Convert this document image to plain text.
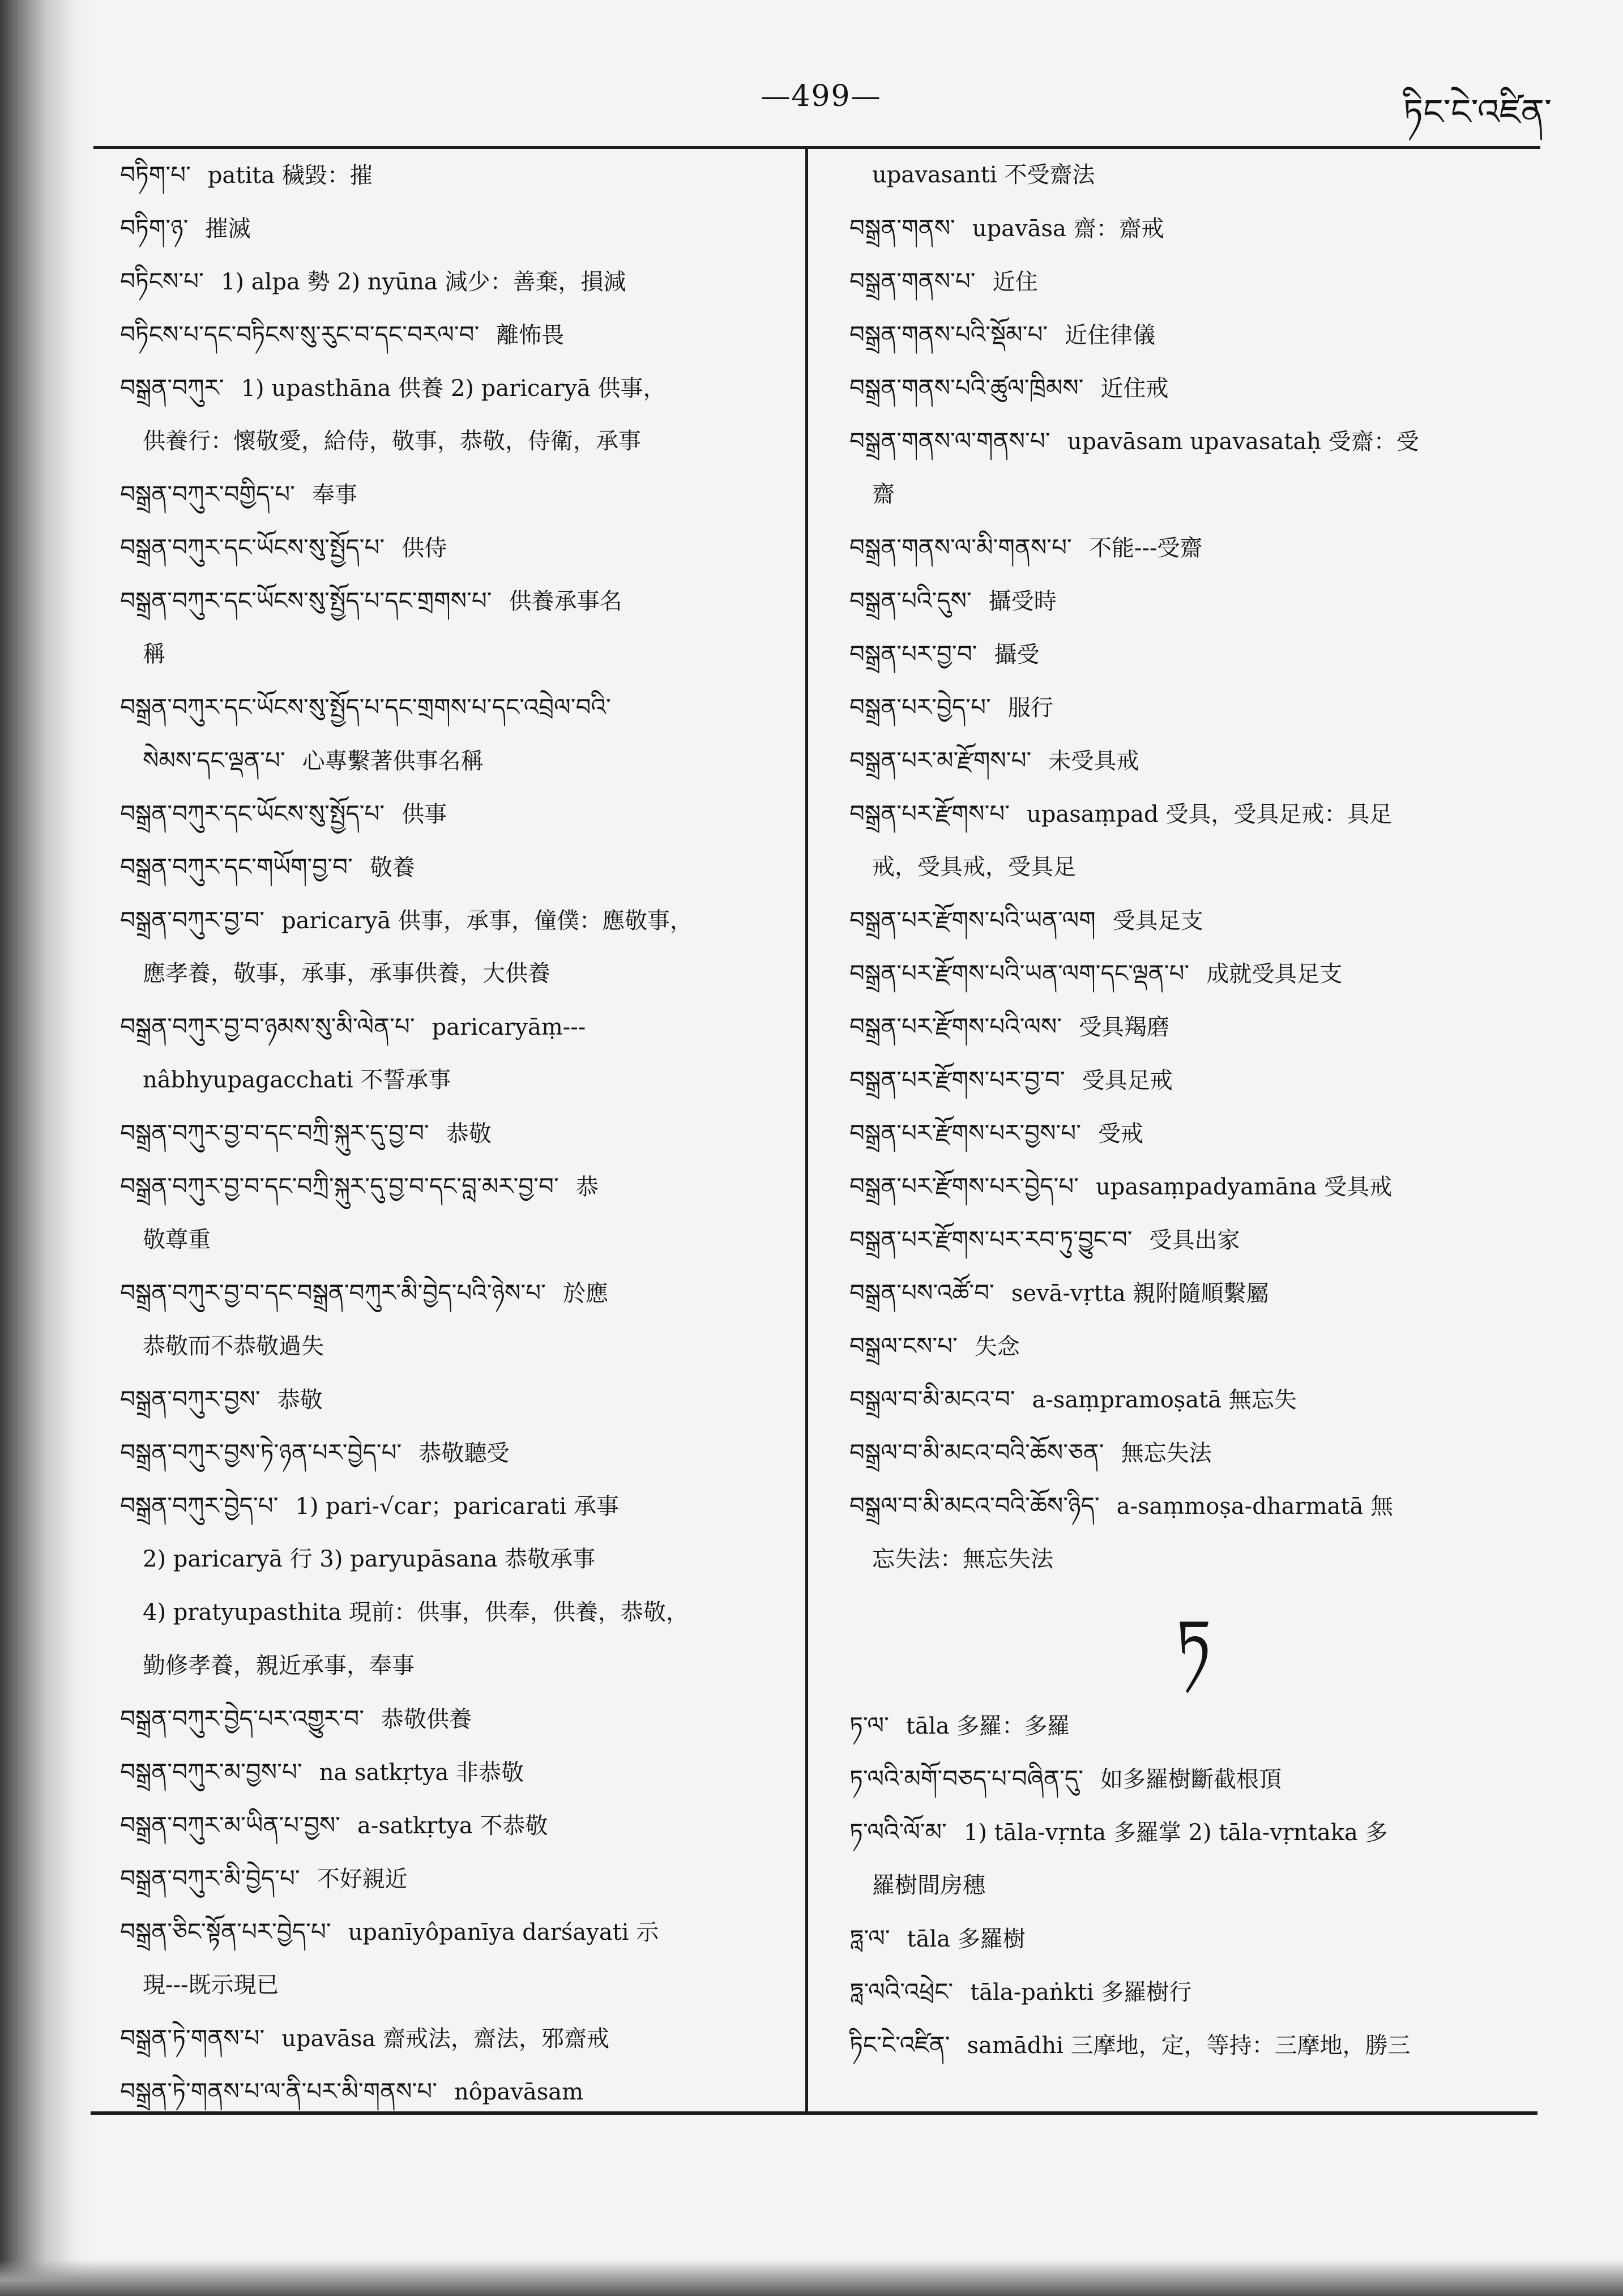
—499—	ཏིང་ངེ་འཛིན་
བཏིག་པ་ patita 穢毀：摧
བཏིག་ཉ་ 摧滅
བཏིངས་པ་ 1) alpa 勢 2) nyūna 減少：善棄，損減
བཏིངས་པ་དང་བཏིངས་སུ་རུང་བ་དང་བརལ་བ་ 離怖畏
བསྒྲན་བཀུར་ 1) upasthāna 供養 2) paricaryā 供事，
供養行：懷敬愛，給侍，敬事，恭敬，侍衛，承事
བསྒྲན་བཀུར་བགྱིད་པ་ 奉事
བསྒྲན་བཀུར་དང་ཡོངས་སུ་སྤྱོད་པ་ 供侍
བསྒྲན་བཀུར་དང་ཡོངས་སུ་སྤྱོད་པ་དང་གྲགས་པ་ 供養承事名
稱
བསྒྲན་བཀུར་དང་ཡོངས་སུ་སྤྱོད་པ་དང་གྲགས་པ་དང་འབྲེལ་བའི་
སེམས་དང་ལྡན་པ་ 心專繫著供事名稱
བསྒྲན་བཀུར་དང་ཡོངས་སུ་སྤྱོད་པ་ 供事
བསྒྲན་བཀུར་དང་གཡོག་བྱ་བ་ 敬養
བསྒྲན་བཀུར་བྱ་བ་ paricaryā 供事，承事，僮僕：應敬事，
應孝養，敬事，承事，承事供養，大供養
བསྒྲན་བཀུར་བྱ་བ་ཉམས་སུ་མི་ལེན་པ་ paricaryāṃ---
nâbhyupagacchati 不誓承事
བསྒྲན་བཀུར་བྱ་བ་དང་བཀྲི་སྐུར་དུ་བྱ་བ་ 恭敬
བསྒྲན་བཀུར་བྱ་བ་དང་བཀྲི་སྐུར་དུ་བྱ་བ་དང་བླ་མར་བྱ་བ་ 恭
敬尊重
བསྒྲན་བཀུར་བྱ་བ་དང་བསྒྲན་བཀུར་མི་བྱེད་པའི་ཉེས་པ་ 於應
恭敬而不恭敬過失
བསྒྲན་བཀུར་བྱས་ 恭敬
བསྒྲན་བཀུར་བྱས་ཏེ་ཉན་པར་བྱེད་པ་ 恭敬聽受
བསྒྲན་བཀུར་བྱེད་པ་ 1) pari-√car；paricarati 承事
2) paricaryā 行 3) paryupāsana 恭敬承事
4) pratyupasthita 現前：供事，供奉，供養，恭敬，
勤修孝養，親近承事，奉事
བསྒྲན་བཀུར་བྱེད་པར་འགྱུར་བ་ 恭敬供養
བསྒྲན་བཀུར་མ་བྱས་པ་ na satkṛtya 非恭敬
བསྒྲན་བཀུར་མ་ཡིན་པ་བྱས་ a-satkṛtya 不恭敬
བསྒྲན་བཀུར་མི་བྱེད་པ་ 不好親近
བསྒྲན་ཅིང་སྟོན་པར་བྱེད་པ་ upanīyôpanīya darśayati 示
現---既示現已
བསྒྲན་ཏེ་གནས་པ་ upavāsa 齋戒法，齋法，邪齋戒
བསྒྲན་ཏེ་གནས་པ་ལ་ནི་པར་མི་གནས་པ་ nôpavāsam
upavasanti 不受齋法
བསྒྲན་གནས་ upavāsa 齋：齋戒
བསྒྲན་གནས་པ་ 近住
བསྒྲན་གནས་པའི་སྡོམ་པ་ 近住律儀
བསྒྲན་གནས་པའི་ཚུལ་ཁྲིམས་ 近住戒
བསྒྲན་གནས་ལ་གནས་པ་ upavāsam upavasataḥ 受齋：受
齋
བསྒྲན་གནས་ལ་མི་གནས་པ་ 不能---受齋
བསྒྲན་པའི་དུས་ 攝受時
བསྒྲན་པར་བྱ་བ་ 攝受
བསྒྲན་པར་བྱེད་པ་ 服行
བསྒྲན་པར་མ་རྫོགས་པ་ 未受具戒
བསྒྲན་པར་རྫོགས་པ་ upasaṃpad 受具，受具足戒：具足
戒，受具戒，受具足
བསྒྲན་པར་རྫོགས་པའི་ཡན་ལག 受具足支
བསྒྲན་པར་རྫོགས་པའི་ཡན་ལག་དང་ལྡན་པ་ 成就受具足支
བསྒྲན་པར་རྫོགས་པའི་ལས་ 受具羯磨
བསྒྲན་པར་རྫོགས་པར་བྱ་བ་ 受具足戒
བསྒྲན་པར་རྫོགས་པར་བྱས་པ་ 受戒
བསྒྲན་པར་རྫོགས་པར་བྱེད་པ་ upasaṃpadyamāna 受具戒
བསྒྲན་པར་རྫོགས་པར་རབ་ཏུ་བྱུང་བ་ 受具出家
བསྒྲན་པས་འཚོ་བ་ sevā-vṛtta 親附隨順繫屬
བསྒྲལ་ངས་པ་ 失念
བསྒྲལ་བ་མི་མངའ་བ་ a-saṃpramoṣatā 無忘失
བསྒྲལ་བ་མི་མངའ་བའི་ཆོས་ཅན་ 無忘失法
བསྒྲལ་བ་མི་མངའ་བའི་ཆོས་ཉིད་ a-saṃmoṣa-dharmatā 無
忘失法：無忘失法
ཏ
ཏ་ལ་ tāla 多羅：多羅
ཏ་ལའི་མགོ་བཅད་པ་བཞིན་དུ་ 如多羅樹斷截根頂
ཏ་ལའི་ལོ་མ་ 1) tāla-vṛnta 多羅掌 2) tāla-vṛntaka 多
羅樹間房穗
ཏླ་ལ་ tāla 多羅樹
ཏླ་ལའི་འཕྲེང་ tāla-paṅkti 多羅樹行
ཏིང་ངེ་འཛིན་ samādhi 三摩地，定，等持：三摩地，勝三
